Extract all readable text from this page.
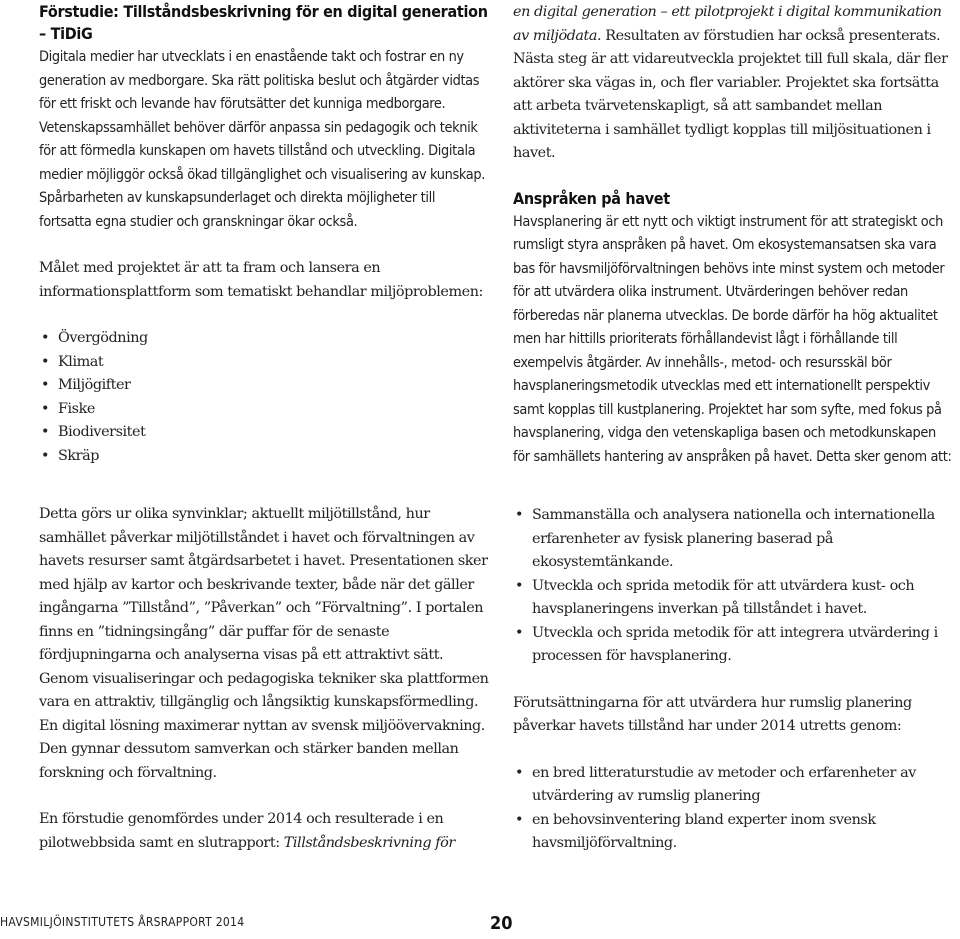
Förstudie: Tillståndsbeskrivning för en digital generation – TiDiG

Digitala medier har utvecklats i en enastående takt och fostrar en ny generation av medborgare. Ska rätt politiska beslut och åtgärder vidtas för ett friskt och levande hav förutsätter det kunniga medborgare. Vetenskapssamhället behöver därför anpassa sin pedagogik och teknik för att förmedla kunskapen om havets tillstånd och utveckling. Digitala medier möjliggör också ökad tillgänglighet och visualisering av kunskap. Spårbarheten av kunskapsunderlaget och direkta möjligheter till fortsatta egna studier och granskningar ökar också.

Målet med projektet är att ta fram och lansera en informationsplattform som tematiskt behandlar miljöproblemen:

• Övergödning
• Klimat
• Miljögifter
• Fiske
• Biodiversitet
• Skräp

Detta görs ur olika synvinklar; aktuellt miljötillstånd, hur samhället påverkar miljötillståndet i havet och förvaltningen av havets resurser samt åtgärdsarbetet i havet. Presentationen sker med hjälp av kartor och beskrivande texter, både när det gäller ingångarna ”Tillstånd”, ”Påverkan” och ”Förvaltning”. I portalen finns en ”tidningsingång” där puffar för de senaste fördjupningarna och analyserna visas på ett attraktivt sätt. Genom visualiseringar och pedagogiska tekniker ska plattformen vara en attraktiv, tillgänglig och långsiktig kunskapsförmedling. En digital lösning maximerar nyttan av svensk miljöövervakning. Den gynnar dessutom samverkan och stärker banden mellan forskning och förvaltning.

En förstudie genomfördes under 2014 och resulterade i en pilotwebbsida samt en slutrapport: Tillståndsbeskrivning för

en digital generation – ett pilotprojekt i digital kommunikation av miljödata. Resultaten av förstudien har också presenterats. Nästa steg är att vidareutveckla projektet till full skala, där fler aktörer ska vägas in, och fler variabler. Projektet ska fortsätta att arbeta tvärvetenskapligt, så att sambandet mellan aktiviteterna i samhället tydligt kopplas till miljösituationen i havet.

Anspråken på havet

Havsplanering är ett nytt och viktigt instrument för att strategiskt och rumsligt styra anspråken på havet. Om ekosystemansatsen ska vara bas för havsmiljöförvaltningen behövs inte minst system och metoder för att utvärdera olika instrument. Utvärderingen behöver redan förberedas när planerna utvecklas. De borde därför ha hög aktualitet men har hittills prioriterats förhållandevist lågt i förhållande till exempelvis åtgärder. Av innehålls-, metod- och resursskäl bör havsplaneringsmetodik utvecklas med ett internationellt perspektiv samt kopplas till kustplanering. Projektet har som syfte, med fokus på havsplanering, vidga den vetenskapliga basen och metodkunskapen för samhällets hantering av anspråken på havet. Detta sker genom att:

• Sammanställa och analysera nationella och internationella erfarenheter av fysisk planering baserad på ekosystemtänkande.
• Utveckla och sprida metodik för att utvärdera kust- och havsplaneringens inverkan på tillståndet i havet.
• Utveckla och sprida metodik för att integrera utvärdering i processen för havsplanering.

Förutsättningarna för att utvärdera hur rumslig planering påverkar havets tillstånd har under 2014 utretts genom:

• en bred litteraturstudie av metoder och erfarenheter av utvärdering av rumslig planering
• en behovsinventering bland experter inom svensk havsmiljöförvaltning.
HAVSMILJÖINSTITUTETS ÅRSRAPPORT 2014	20
